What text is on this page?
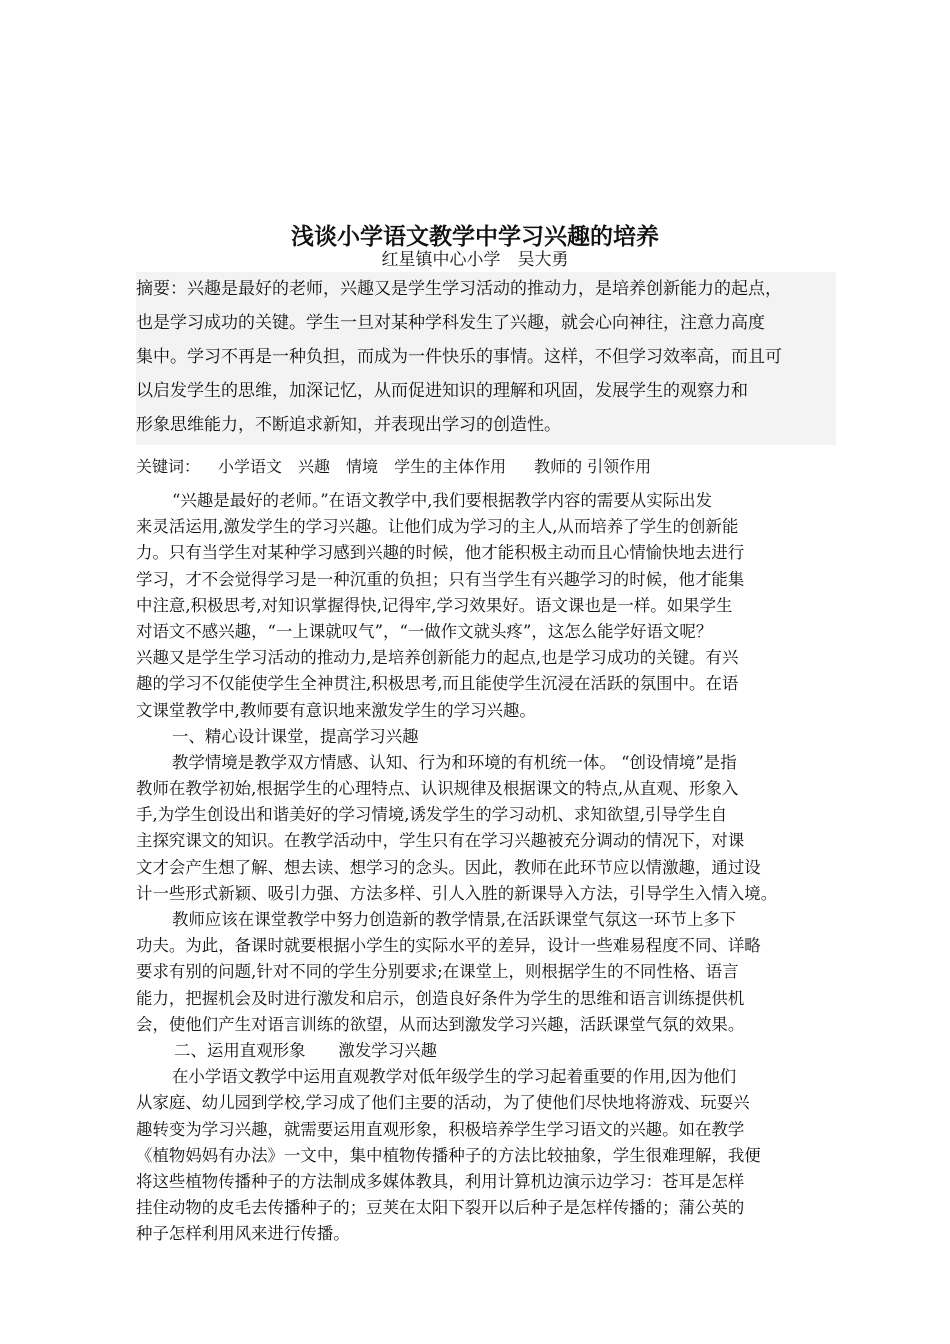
浅谈小学语文教学中学习兴趣的培养
红星镇中心小学　吴大勇
摘要：兴趣是最好的老师，兴趣又是学生学习活动的推动力，是培养创新能力的起点，
也是学习成功的关键。学生一旦对某种学科发生了兴趣，就会心向神往，注意力高度
集中。学习不再是一种负担，而成为一件快乐的事情。这样，不但学习效率高，而且可
以启发学生的思维，加深记忆，从而促进知识的理解和巩固，发展学生的观察力和
形象思维能力，不断追求新知，并表现出学习的创造性。
关键词： 小学语文 兴趣 情境 学生的主体作用 教师的 引领作用
“兴趣是最好的老师。”在语文教学中,我们要根据教学内容的需要从实际出发
来灵活运用,激发学生的学习兴趣。让他们成为学习的主人,从而培养了学生的创新能
力。只有当学生对某种学习感到兴趣的时候，他才能积极主动而且心情愉快地去进行
学习，才不会觉得学习是一种沉重的负担；只有当学生有兴趣学习的时候，他才能集
中注意,积极思考,对知识掌握得快,记得牢,学习效果好。语文课也是一样。如果学生
对语文不感兴趣，“一上课就叹气”，“一做作文就头疼”，这怎么能学好语文呢？
兴趣又是学生学习活动的推动力,是培养创新能力的起点,也是学习成功的关键。有兴
趣的学习不仅能使学生全神贯注,积极思考,而且能使学生沉浸在活跃的氛围中。在语
文课堂教学中,教师要有意识地来激发学生的学习兴趣。
一、精心设计课堂，提高学习兴趣
教学情境是教学双方情感、认知、行为和环境的有机统一体。 “创设情境”是指
教师在教学初始,根据学生的心理特点、认识规律及根据课文的特点,从直观、形象入
手,为学生创设出和谐美好的学习情境,诱发学生的学习动机、求知欲望,引导学生自
主探究课文的知识。在教学活动中，学生只有在学习兴趣被充分调动的情况下，对课
文才会产生想了解、想去读、想学习的念头。因此，教师在此环节应以情激趣，通过设
计一些形式新颖、吸引力强、方法多样、引人入胜的新课导入方法，引导学生入情入境。
教师应该在课堂教学中努力创造新的教学情景,在活跃课堂气氛这一环节上多下
功夫。为此，备课时就要根据小学生的实际水平的差异，设计一些难易程度不同、详略
要求有别的问题,针对不同的学生分别要求;在课堂上，则根据学生的不同性格、语言
能力，把握机会及时进行激发和启示，创造良好条件为学生的思维和语言训练提供机
会，使他们产生对语言训练的欲望，从而达到激发学习兴趣，活跃课堂气氛的效果。
二、运用直观形象　　激发学习兴趣
在小学语文教学中运用直观教学对低年级学生的学习起着重要的作用,因为他们
从家庭、幼儿园到学校,学习成了他们主要的活动，为了使他们尽快地将游戏、玩耍兴
趣转变为学习兴趣，就需要运用直观形象，积极培养学生学习语文的兴趣。如在教学
《植物妈妈有办法》一文中，集中植物传播种子的方法比较抽象，学生很难理解，我便
将这些植物传播种子的方法制成多媒体教具，利用计算机边演示边学习：苍耳是怎样
挂住动物的皮毛去传播种子的；豆荚在太阳下裂开以后种子是怎样传播的；蒲公英的
种子怎样利用风来进行传播。
